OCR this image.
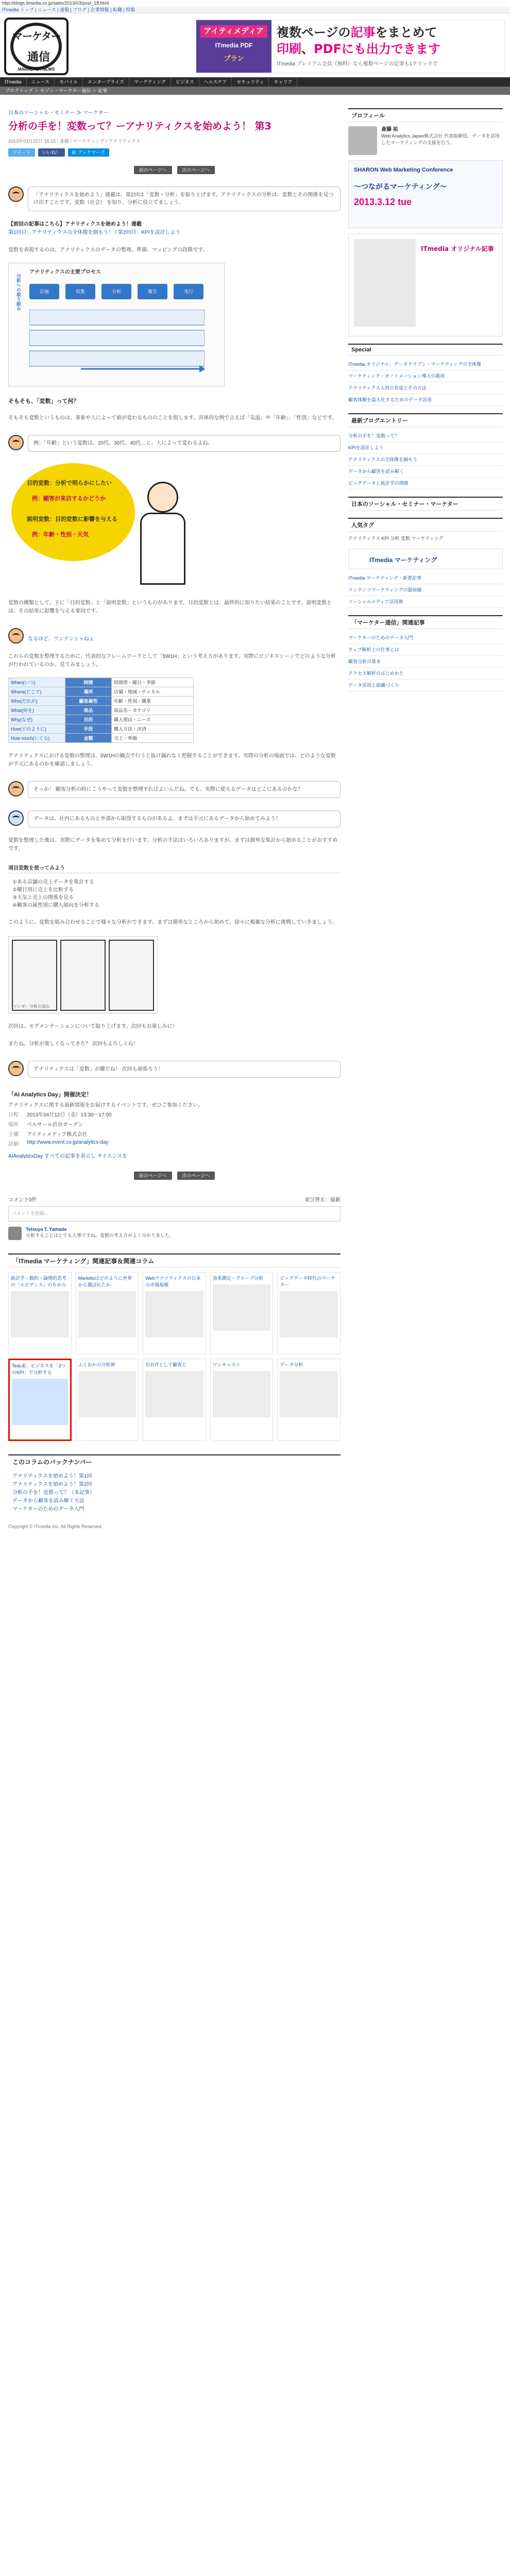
http://blogs.itmedia.co.jp/saito/2013/03/post_18.html
ITmedia トップ | ニュース | 速報 | ブログ | 企業情報 | 転職 | 特集
マーケター
通信
MARKETER NEWS
アイティメディア
ITmedia PDF
プラン
複数ページの記事をまとめて
印刷、PDFにも出力できます
ITmedia プレミアム会員（無料）なら複数ページの記事も1クリックで
ITmedia ニュース モバイル エンタープライズ マーケティング ビジネス ヘルスケア セキュリティ キャリア
ブログトップ ＞ セゾン・マーケター通信 ＞ 記事
日本のソーシャル・セミナー ＞ マーケター
分析の手を！変数って？ーアナリティクスを始めよう！ 第3
2013年03月22日 16:15 / 斎藤 / マーケティング / アナリティクス
ツイート	いいね！	B! ブックマーク
前のページへ	次のページへ
「アナリティクスを始めよう」連載は、第2回は「変数・分析」を取り上げます。アナリティクスの分析は、変数とその関係を見つけ出すことです。変数（社会） を知り、分析に役立てましょう。
【前回の記事はこちら】アナリティクスを始めよう！連載
第1回目：アナリティクスの全体像を掴もう！ / 第2回目：KPIを設計しよう
変数を表現するのは、アナリティクスのデータの整理、準備、マッピングの段階です。
アナリティクスの主要プロセス
分析への取り組み	計画	収集	分析	報告	実行
そもそも、「変数」って何？
そもそも変数というものは、事象や人によって値が変わるもののことを指します。具体的な例で言えば「気温」や「年齢」、「性別」などです。
例：「年齢」という変数は、20代、30代、40代…と、人によって変わるよね。
目的変数：分析で明らかにしたい
例：顧客が来店するかどうか
説明変数：目的変数に影響を与える
例：年齢・性別・天気
変数の種類として、主に「目的変数」と「説明変数」というものがあります。目的変数とは、最終的に知りたい結果のことです。説明変数とは、その結果に影響を与える要因です。
なるほど、ウンテンシャねぇ
これらの変数を整理するために、代表的なフレームワークとして「5W1H」という考え方があります。実際にビジネスシーンでどのような分析が行われているのか、見てみましょう。
When(いつ)	時間	時間帯・曜日・季節
Where(どこで)	場所	店舗・地域・チャネル
Who(だれが)	顧客属性	年齢・性別・職業
What(何を)	商品	商品名・カテゴリ
Why(なぜ)	目的	購入理由・ニーズ
How(どのように)	手段	購入方法・決済
How much(いくら)	金額	売上・単価
アナリティクスにおける変数の整理は、5W1Hの観点で行うと抜け漏れなく把握することができます。実際の分析の場面では、どのような変数が手元にあるのかを確認しましょう。
そっか！ 顧客分析の時にこうやって変数を整理すればよいんだね。でも、実際に使えるデータはどこにあるのかな？
データは、社内にあるものと外部から取得するものがあるよ。まずは手元にあるデータから始めてみよう！
変数を整理した後は、実際にデータを集めて分析を行います。分析の手法はいろいろありますが、まずは簡単な集計から始めることがおすすめです。
項目変数を使ってみよう
①ある店舗の売上データを集計する
②曜日別に売上を比較する
③天気と売上の関係を見る
④顧客の属性別に購入傾向を分析する
このように、変数を組み合わせることで様々な分析ができます。まずは簡単なところから始めて、徐々に複雑な分析に挑戦していきましょう。
マンガ：分析の流れ
次回は、セグメンテーションについて取り上げます。次回もお楽しみに！
またね、分析が楽しくなってきた？ 次回もよろしくね！
アナリティクスは「変数」が鍵だね！ 次回も頑張ろう！
「AI Analytics Day」開催決定！
アナリティクスに関する最新情報をお届けするイベントです。ぜひご参加ください。
日程	2013年04月12日（金）13:30〜17:00
場所	ベルサール渋谷ガーデン
主催	アイティメディア株式会社
詳細	http://www.event.co.jp/analytics-day
AIAnalyticsDay すべての記事を表示し サイエンスを
前のページへ	次のページへ
コメント0件	並び替え：最新
コメントを投稿...
Tetsuya T. Yamada
分析することはとても大事ですね。変数の考え方がよく分かりました。
「ITmedia マーケティング」関連記事＆関連コラム
統計学・数的・論理的思考の「エビデンス」のちから
Marketoはどのように世界から選ばれたか
Webアナリティクスの日本の市場規模
効果測定・グループ分析	ビッグデータ時代のマーケター
TeaLiE：ビジネスを「3つのKPI」で分析する
ふくおかの分析術	自社ITとして顧客と	ワンキャスト	データ分析
このコラムのバックナンバー
アナリティクスを始めよう！第1回
アナリティクスを始めよう！第2回
分析の手を！変数って？（本記事）
データから顧客を読み解く方法
マーケターのためのデータ入門
Copyright © ITmedia Inc. All Rights Reserved.
プロフィール
斎藤 祐
Web Analytics Japan株式会社 代表取締役。データを活用したマーケティングの支援を行う。
SHARON Web Marketing Conference
〜つながるマーケティング〜
2013.3.12 tue
ITmedia オリジナル記事
Special
ITmedia オリジナル：データドリブン・マーケティングの全体像
マーケティング・オートメーション導入の勘所
アナリティクス人材の育成とその方法
顧客体験を最大化するためのデータ活用
最新ブログエントリー
分析の手を！変数って？
KPIを設計しよう
アナリティクスの全体像を掴もう
データから顧客を読み解く
ビッグデータと統計学の関係
日本のソーシャル・セミナー・マーケター
人気タグ
アナリティクス KPI 分析 変数 マーケティング
ITmedia マーケティング
ITmedia マーケティング・新着記事
コンテンツマーケティングの最前線
ソーシャルメディア活用術
「マーケター通信」関連記事
マーケターのためのデータ入門
ウェブ解析士の仕事とは
顧客分析の基本
アクセス解析のはじめかた
データ活用と組織づくり
